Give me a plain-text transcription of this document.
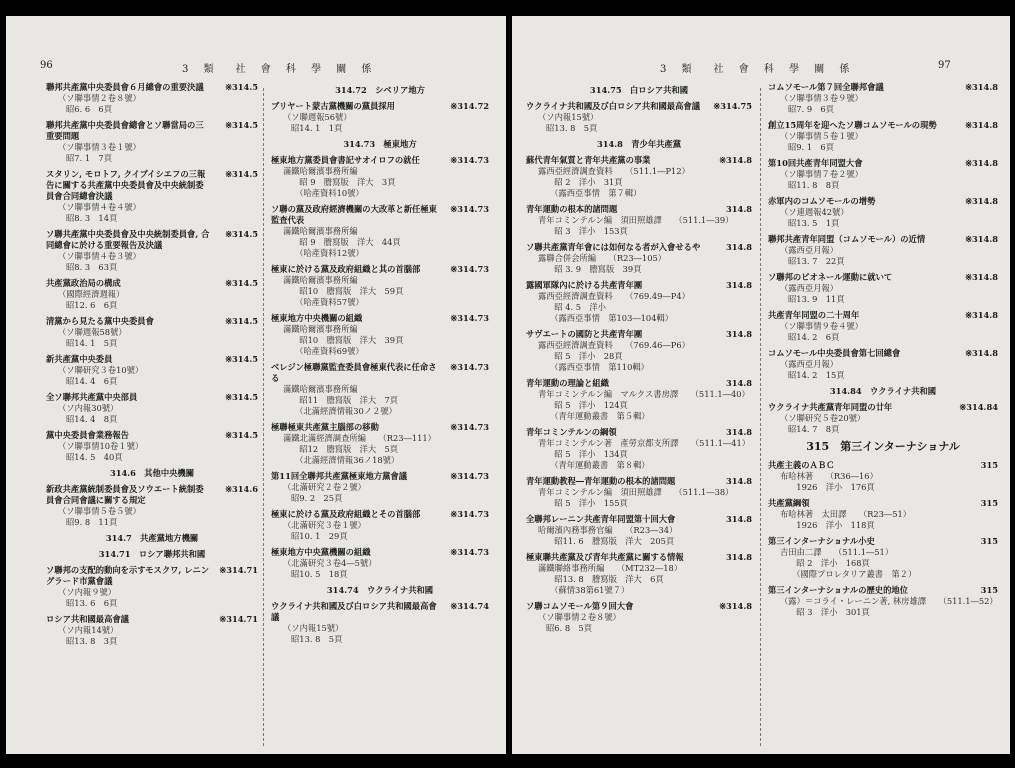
96	3 類　社 會 科 學 關 係
聯邦共產黨中央委員會６月總會の重要決議	※314.5
（ソ聯事情２卷８號）
昭6. 6　6頁
聯邦共產黨中央委員會總會とソ聯當局の三重要問題
※314.5
（ソ聯事情３卷１號）
昭7. 1　7頁
スタリン, モロトフ, クイブイシエフの三報告に關する共產黨中央委員會及中央統制委員會合同總會決議
※314.5
（ソ聯事情４卷４號）
昭8. 3　14頁
ソ聯共產黨中央委員會及中央統制委員會, 合同總會に於ける重要報告及決議
※314.5
（ソ聯事情４卷３號）
昭8. 3　63頁
共產黨政治局の構成	※314.5
（國際經濟週報）
昭12. 6　6頁
清黨から見たる黨中央委員會	※314.5
（ソ聯週報58號）
昭14. 1　5頁
新共產黨中央委員	※314.5
（ソ聯研究３卷10號）
昭14. 4　6頁
全ソ聯邦共產黨中央部員	※314.5
（ソ内報30號）
昭14. 4　8頁
黨中央委員會業務報告	※314.5
（ソ聯事情10卷１號）
昭14. 5　40頁
314.6　其他中央機關
新政共產黨統制委員會及ソウエート統制委員會合同會議に關する規定
※314.6
（ソ聯事情５卷５號）
昭9. 8　11頁
314.7　共產黨地方機關
314.71　ロシア聯邦共和國
ソ聯邦の支配的動向を示すモスクワ, レニングラード市黨會議
※314.71
（ソ内報９號）
昭13. 6　6頁
ロシア共和國最高會議	※314.71
（ソ内報14號）
昭13. 8　3頁
314.72　シベリア地方
ブリヤート蒙古黨機關の黨員採用	※314.72
（ソ聯週報56號）
昭14. 1　1頁
314.73　極東地方
極東地方黨委員會書記サオイロフの就任	※314.73
滿鐵哈爾濱事務所編
　昭 9　謄寫版　洋大　3頁
　（哈產資料10號）
ソ聯の黨及政府經濟機關の大改革と新任極東監査代表
※314.73
滿鐵哈爾濱事務所編
　昭 9　謄寫版　洋大　44頁
　（哈產資料12號）
極東に於ける黨及政府組織と其の首腦部	※314.73
滿鐵哈爾濱事務所編
　昭10　謄寫版　洋大　59頁
　（哈產資料57號）
極東地方中央機關の組織	※314.73
滿鐵哈爾濱事務所編
　昭10　謄寫版　洋大　39頁
　（哈產資料69號）
ベレジン極聯黨監査委員會極東代表に任命さる
※314.73
滿鐵哈爾濱事務所編
　昭11　謄寫版　洋大　7頁
　（北滿經濟情報30ノ２號）
極聯極東共產黨主腦部の移動	※314.73
滿鐵北滿經濟調查所編　　（R23―111）
　昭12　謄寫版　洋大　5頁
　（北滿經濟情報36ノ18號）
第11回全聯邦共產黨極東地方黨會議	※314.73
（北滿研究２卷２號）
昭9. 2　25頁
極東に於ける黨及政府組織とその首腦部	※314.73
（北滿研究３卷１號）
昭10. 1　29頁
極東地方中央黨機關の組織	※314.73
（北滿研究３卷4―5號）
昭10. 5　18頁
314.74　ウクライナ共和國
ウクライナ共和國及び白ロシア共和國最高會議
※314.74
（ソ内報15號）
昭13. 8　5頁
3 類　社 會 科 學 關 係	97
314.75　白ロシア共和國
ウクライナ共和國及び白ロシア共和國最高會議	※314.75
（ソ内報15號）
昭13. 8　5頁
314.8　青少年共產黨
蘇代青年氣質と青年共產黨の事業	※314.8
露西亞經濟調査資料　　（511.1―P12）
　昭 2　洋小　31頁
　（露西亞事情　第７輯）
青年運動の根本的諸問題	314.8
青年コミンテルン編　須田照雄譯　　（511.1―39）
　昭 3　洋小　153頁
ソ聯共產黨青年會には如何なる者が入會せるや	314.8
露聯合併会所編　　（R23―105）
　昭 3. 9　謄寫版　39頁
露國軍隊內に於ける共產青年團	314.8
露西亞經濟調査資料　　（769.49―P4）
　昭 4. 5　洋小
　（露西亞事情　第103―104輯）
サヴエートの國防と共產青年團	314.8
露西亞經濟調査資料　　（769.46―P6）
　昭 5　洋小　28頁
　（露西亞事情　第110輯）
青年運動の理論と組織	314.8
青年コミンテルン編　マルクス書房譯　　（511.1―40）
　昭 5　洋小　124頁
　（青年運動叢書　第５輯）
青年コミンテルンの綱領	314.8
青年コミンテルン著　產勞京都支所譯　　（511.1―41）
　昭 5　洋小　134頁
　（青年運動叢書　第８輯）
青年運動教程―青年運動の根本的諸問題	314.8
青年コミンテルン編　須田照雄譯　　（511.1―38）
　昭 5　洋小　155頁
全聯邦レーニン共產青年同盟第十回大會	314.8
哈爾濱內務事務官編　　（R23―34）
　昭11. 6　謄寫版　洋大　205頁
極東聯共產黨及び青年共產黨に關する情報	314.8
滿鐵聯絡事務所編　　（MT232―18）
　昭13. 8　謄寫版　洋大　6頁
　（蘇情38第61號７）
ソ聯コムソモール第９回大會	※314.8
（ソ聯事情２卷８號）
昭6. 8　5頁
コムソモール第７回全聯邦會議	※314.8
（ソ聯事情３卷９號）
昭7. 9　6頁
創立15周年を迎へたソ聯コムソモールの現勢	※314.8
（ソ聯事情５卷１號）
昭9. 1　6頁
第10回共產青年同盟大會	※314.8
（ソ聯事情７卷２號）
昭11. 8　8頁
赤軍内のコムソモールの增勢	※314.8
（ソ連週報42號）
昭13. 5　1頁
聯邦共產青年同盟（コムソモール）の近情	※314.8
（露西亞月報）
昭13. 7　22頁
ソ聯邦のピオネール運動に就いて	※314.8
（露西亞月報）
昭13. 9　11頁
共產青年同盟の二十周年	※314.8
（ソ聯事情９卷４號）
昭14. 2　6頁
コムソモール中央委員會第七回總會	※314.8
（露西亞月報）
昭14. 2　15頁
314.84　ウクライナ共和國
ウクライナ共產黨青年同盟の廿年	※314.84
（ソ聯研究５卷20號）
昭14. 7　8頁
315　第三インターナショナル
共產主義のＡＢＣ	315
布哈林著　　（R36―16）
　1926　洋小　176頁
共產黨綱領	315
布哈林著　太田譯　　（R23―51）
　1926　洋小　118頁
第三インターナショナル小史	315
吉田由二譯　　（511.1―51）
　昭 2　洋小　168頁
　（國際プロレタリア叢書　第２）
第三インターナショナルの歷史的地位	315
（露）＝コライ・レーニン著, 林房雄譯　　（511.1―52）
　昭 3　洋小　301頁
